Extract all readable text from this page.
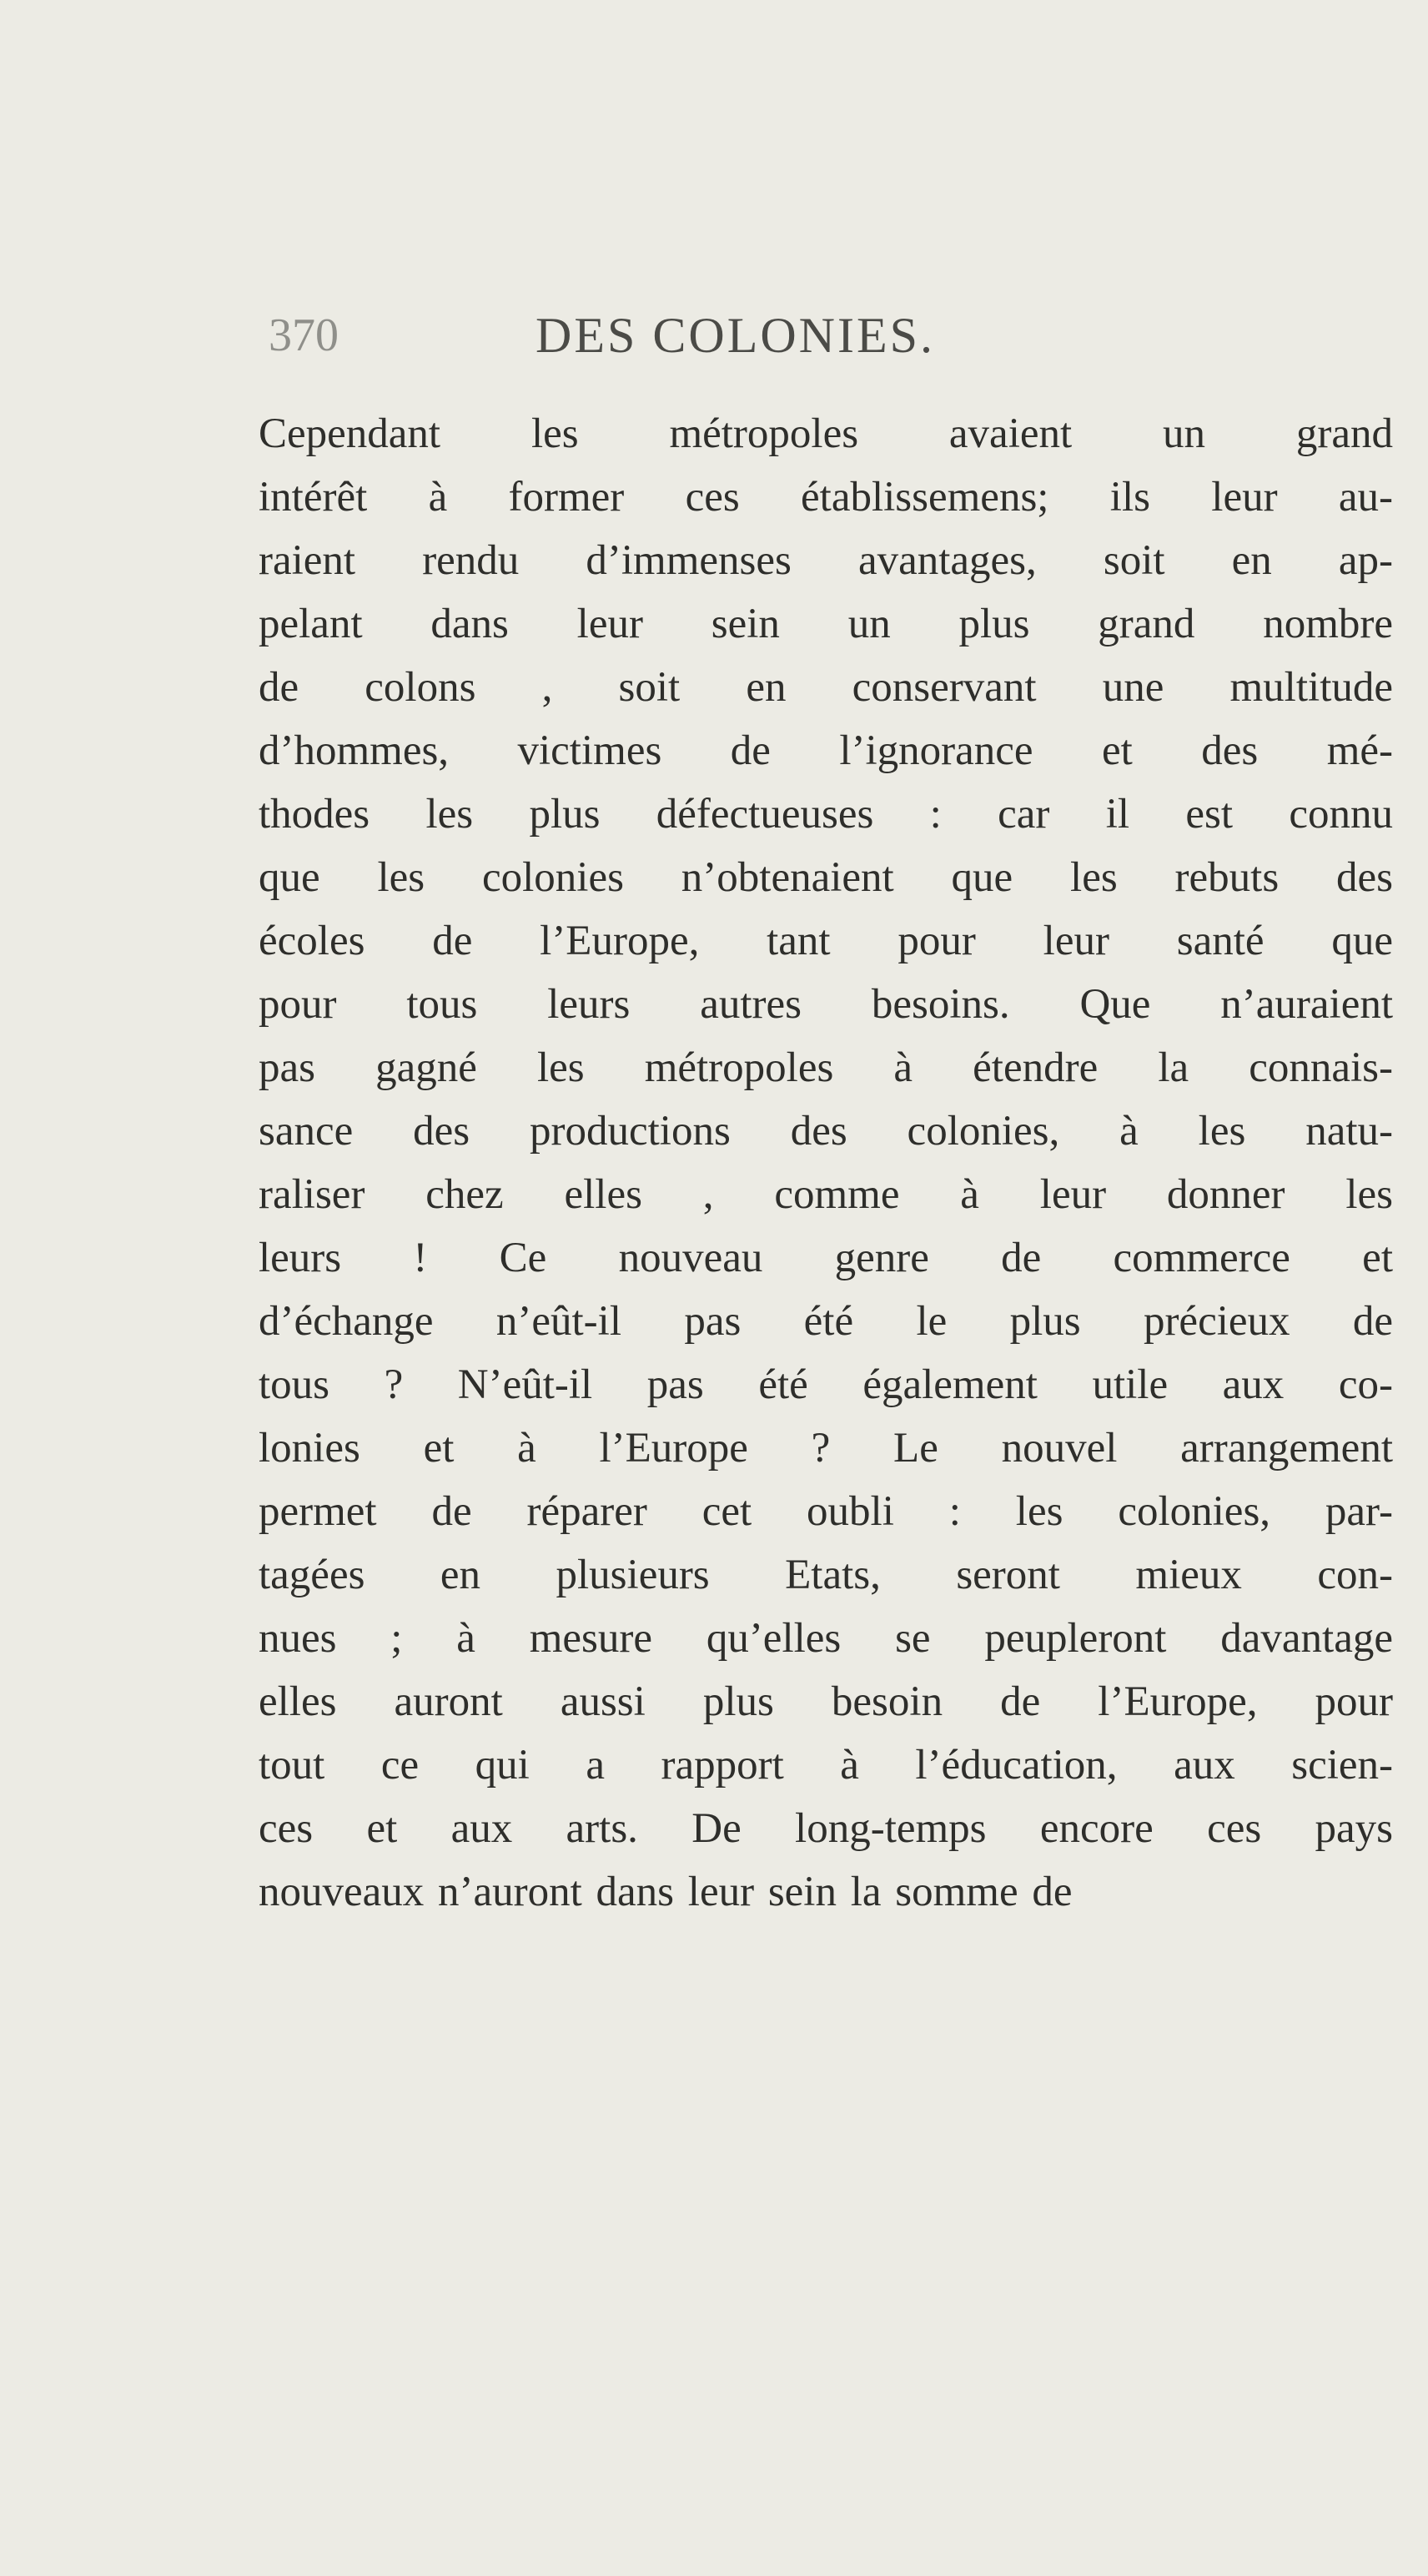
370	DES COLONIES.
Cependant les métropoles avaient un grand
intérêt à former ces établissemens; ils leur au-
raient rendu d’immenses avantages, soit en ap-
pelant dans leur sein un plus grand nombre
de colons , soit en conservant une multitude
d’hommes, victimes de l’ignorance et des mé-
thodes les plus défectueuses : car il est connu
que les colonies n’obtenaient que les rebuts des
écoles de l’Europe, tant pour leur santé que
pour tous leurs autres besoins. Que n’auraient
pas gagné les métropoles à étendre la connais-
sance des productions des colonies, à les natu-
raliser chez elles , comme à leur donner les
leurs ! Ce nouveau genre de commerce et
d’échange n’eût-il pas été le plus précieux de
tous ? N’eût-il pas été également utile aux co-
lonies et à l’Europe ? Le nouvel arrangement
permet de réparer cet oubli : les colonies, par-
tagées en plusieurs Etats, seront mieux con-
nues ; à mesure qu’elles se peupleront davantage
elles auront aussi plus besoin de l’Europe, pour
tout ce qui a rapport à l’éducation, aux scien-
ces et aux arts. De long-temps encore ces pays
nouveaux n’auront dans leur sein la somme de
